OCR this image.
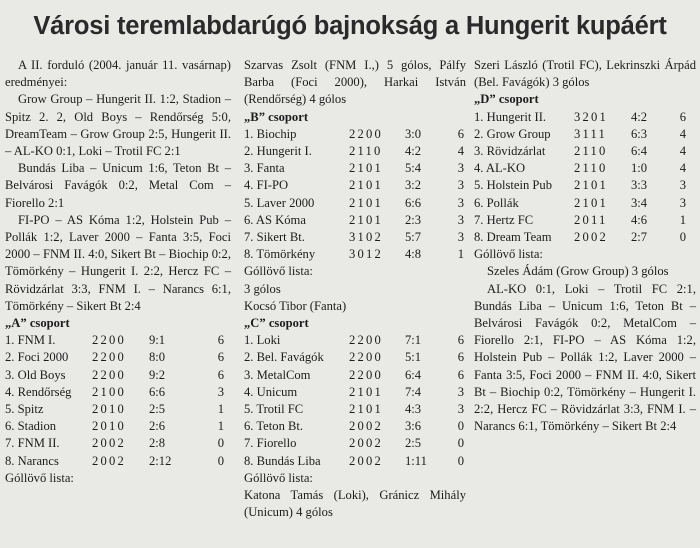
Városi teremlabdarúgó bajnokság a Hungerit kupáért

A II. forduló (2004. január 11. vasárnap) eredményei:

Grow Group – Hungerit II. 1:2, Stadion – Spitz 2. 2, Old Boys – Rendőrség 5:0, DreamTeam – Grow Group 2:5, Hungerit II. – AL-KO 0:1, Loki – Trotil FC 2:1

Bundás Liba – Unicum 1:6, Teton Bt – Belvárosi Favágók 0:2, Metal Com – Fiorello 2:1

FI-PO – AS Kóma 1:2, Holstein Pub – Pollák 1:2, Laver 2000 – Fanta 3:5, Foci 2000 – FNM II. 4:0, Sikert Bt – Biochip 0:2, Tömörkény – Hungerit I. 2:2, Hercz FC – Rövidzárlat 3:3, FNM I. – Narancs 6:1, Tömörkény – Sikert Bt 2:4

„A” csoport

1. FNM I.	2200	9:1	6
2. Foci 2000	2200	8:0	6
3. Old Boys	2200	9:2	6
4. Rendőrség	2100	6:6	3
5. Spitz	2010	2:5	1
6. Stadion	2010	2:6	1
7. FNM II.	2002	2:8	0
8. Narancs	2002	2:12	0

Góllövő lista:

Szarvas Zsolt (FNM I.,) 5 gólos, Pálfy Barba (Foci 2000), Harkai István (Rendőrség) 4 gólos

„B” csoport

1. Biochip	2200	3:0	6
2. Hungerit I.	2110	4:2	4
3. Fanta	2101	5:4	3
4. FI-PO	2101	3:2	3
5. Laver 2000	2101	6:6	3
6. AS Kóma	2101	2:3	3
7. Sikert Bt.	3102	5:7	3
8. Tömörkény	3012	4:8	1

Góllövő lista:

3 gólos

Kocsó Tibor (Fanta)

„C” csoport

1. Loki	2200	7:1	6
2. Bel. Favágók	2200	5:1	6
3. MetalCom	2200	6:4	6
4. Unicum	2101	7:4	3
5. Trotil FC	2101	4:3	3
6. Teton Bt.	2002	3:6	0
7. Fiorello	2002	2:5	0
8. Bundás Liba	2002	1:11	0

Góllövő lista:

Katona Tamás (Loki), Gránicz Mihály (Unicum) 4 gólos

Szeri László (Trotil FC), Lekrinszki Árpád (Bel. Favágók) 3 gólos

„D” csoport

1. Hungerit II.	3201	4:2	6
2. Grow Group	3111	6:3	4
3. Rövidzárlat	2110	6:4	4
4. AL-KO	2110	1:0	4
5. Holstein Pub	2101	3:3	3
6. Pollák	2101	3:4	3
7. Hertz FC	2011	4:6	1
8. Dream Team	2002	2:7	0

Góllövő lista:

Szeles Ádám (Grow Group) 3 gólos

AL-KO 0:1, Loki – Trotil FC 2:1, Bundás Liba – Unicum 1:6, Teton Bt – Belvárosi Favágók 0:2, MetalCom – Fiorello 2:1, FI-PO – AS Kóma 1:2, Holstein Pub – Pollák 1:2, Laver 2000 – Fanta 3:5, Foci 2000 – FNM II. 4:0, Sikert Bt – Biochip 0:2, Tömörkény – Hungerit I. 2:2, Hercz FC – Rövidzárlat 3:3, FNM I. – Narancs 6:1, Tömörkény – Sikert Bt 2:4
